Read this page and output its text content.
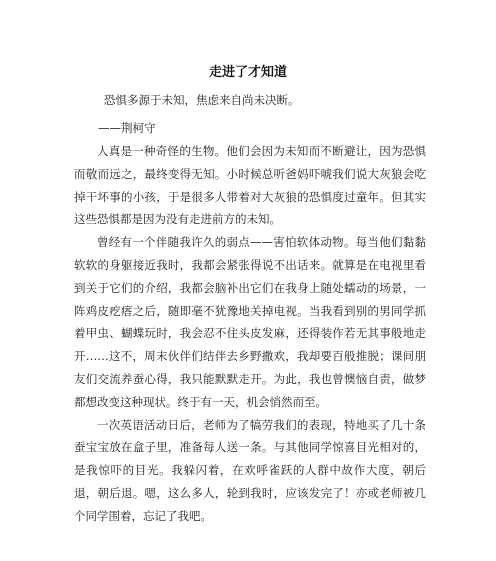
走进了才知道
恐惧多源于未知，焦虑来自尚未决断。
——荆柯守

人真是一种奇怪的生物。他们会因为未知而不断避让，因为恐惧而敬而远之，最终变得无知。小时候总听爸妈吓唬我们说大灰狼会吃掉干坏事的小孩，于是很多人带着对大灰狼的恐惧度过童年。但其实这些恐惧都是因为没有走进前方的未知。

曾经有一个伴随我许久的弱点——害怕软体动物。每当他们黏黏软软的身躯接近我时，我都会紧张得说不出话来。就算是在电视里看到关于它们的介绍，我都会脑补出它们在我身上随处蠕动的场景，一阵鸡皮疙瘩之后，随即毫不犹豫地关掉电视。当我看到别的男同学抓着甲虫、蝴蝶玩时，我会忍不住头皮发麻，还得装作若无其事般地走开……这不，周末伙伴们结伴去乡野撒欢，我却要百般推脱；课间朋友们交流养蚕心得，我只能默默走开。为此，我也曾懊恼自责，做梦都想改变这种现状。终于有一天，机会悄然而至。

一次英语活动日后，老师为了犒劳我们的表现，特地买了几十条蚕宝宝放在盒子里，准备每人送一条。与其他同学惊喜目光相对的，是我惊吓的目光。我躲闪着，在欢呼雀跃的人群中故作大度，朝后退，朝后退。嗯，这么多人，轮到我时，应该发完了！亦或老师被几个同学围着，忘记了我吧。
